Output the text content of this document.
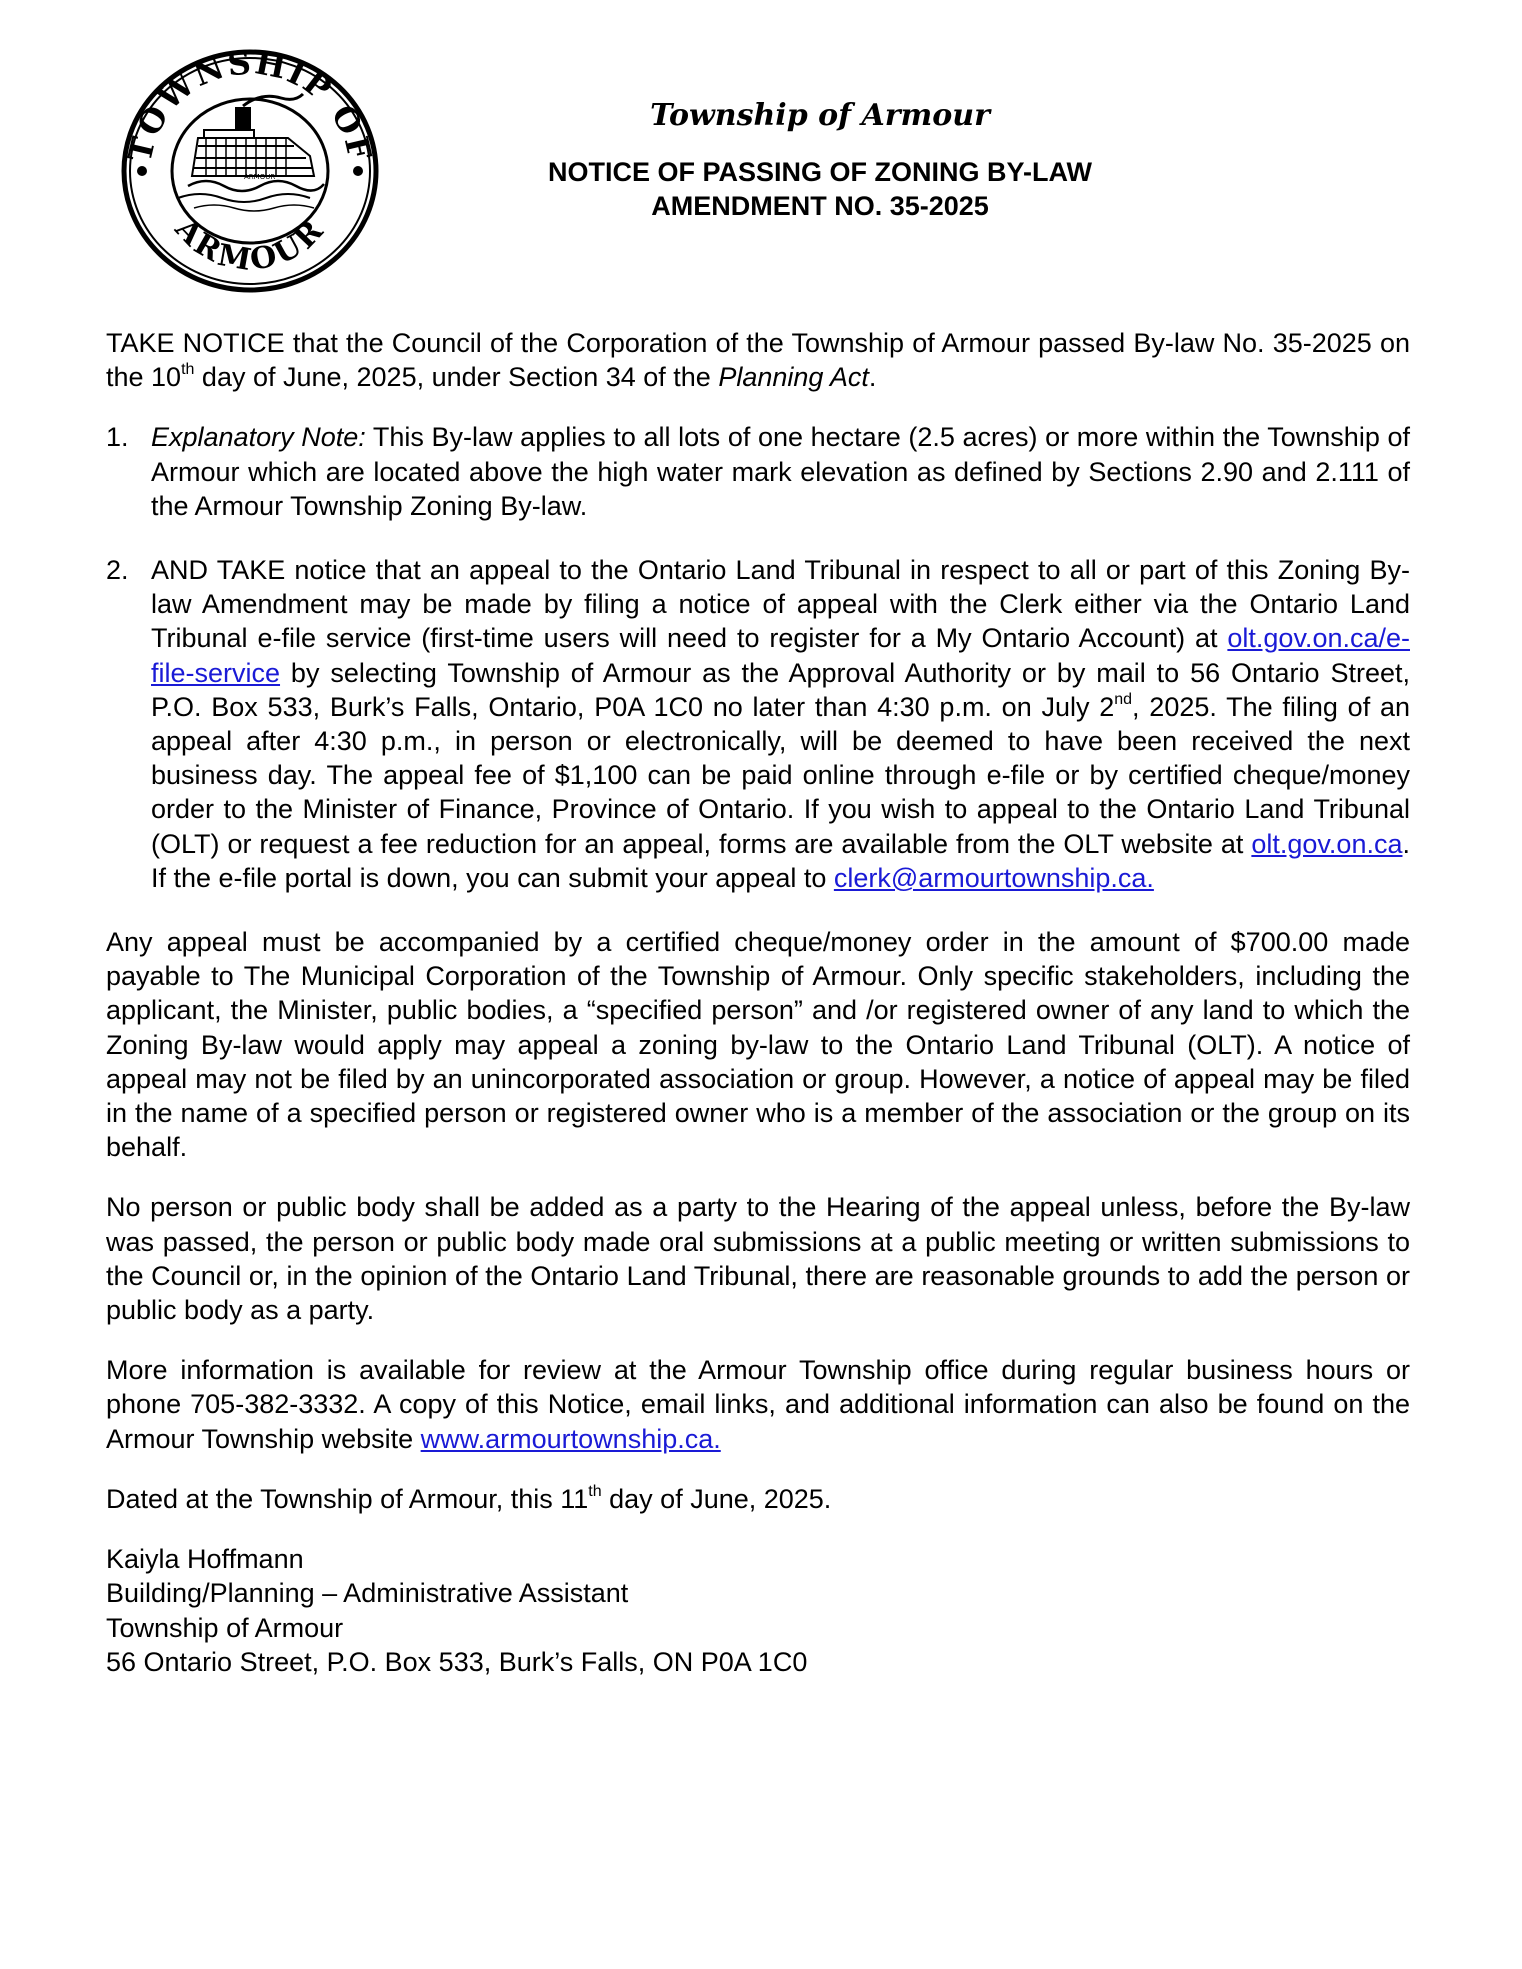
TOWNSHIP OF
ARMOUR
ARMOUR
Township of Armour

NOTICE OF PASSING OF ZONING BY-LAW

AMENDMENT NO. 35-2025

TAKE NOTICE that the Council of the Corporation of the Township of Armour passed By-law No. 35-2025 on the 10th day of June, 2025, under Section 34 of the Planning Act.

1. Explanatory Note: This By-law applies to all lots of one hectare (2.5 acres) or more within the Township of Armour which are located above the high water mark elevation as defined by Sections 2.90 and 2.111 of the Armour Township Zoning By-law.

2. AND TAKE notice that an appeal to the Ontario Land Tribunal in respect to all or part of this Zoning By-law Amendment may be made by filing a notice of appeal with the Clerk either via the Ontario Land Tribunal e-file service (first-time users will need to register for a My Ontario Account) at olt.gov.on.ca/e-file-service by selecting Township of Armour as the Approval Authority or by mail to 56 Ontario Street, P.O. Box 533, Burk’s Falls, Ontario, P0A 1C0 no later than 4:30 p.m. on July 2nd, 2025. The filing of an appeal after 4:30 p.m., in person or electronically, will be deemed to have been received the next business day. The appeal fee of $1,100 can be paid online through e-file or by certified cheque/money order to the Minister of Finance, Province of Ontario. If you wish to appeal to the Ontario Land Tribunal (OLT) or request a fee reduction for an appeal, forms are available from the OLT website at olt.gov.on.ca. If the e-file portal is down, you can submit your appeal to clerk@armourtownship.ca.

Any appeal must be accompanied by a certified cheque/money order in the amount of $700.00 made payable to The Municipal Corporation of the Township of Armour. Only specific stakeholders, including the applicant, the Minister, public bodies, a “specified person” and /or registered owner of any land to which the Zoning By-law would apply may appeal a zoning by-law to the Ontario Land Tribunal (OLT). A notice of appeal may not be filed by an unincorporated association or group. However, a notice of appeal may be filed in the name of a specified person or registered owner who is a member of the association or the group on its behalf.

No person or public body shall be added as a party to the Hearing of the appeal unless, before the By-law was passed, the person or public body made oral submissions at a public meeting or written submissions to the Council or, in the opinion of the Ontario Land Tribunal, there are reasonable grounds to add the person or public body as a party.

More information is available for review at the Armour Township office during regular business hours or phone 705-382-3332. A copy of this Notice, email links, and additional information can also be found on the Armour Township website www.armourtownship.ca.

Dated at the Township of Armour, this 11th day of June, 2025.

Kaiyla Hoffmann

Building/Planning – Administrative Assistant

Township of Armour

56 Ontario Street, P.O. Box 533, Burk’s Falls, ON P0A 1C0
